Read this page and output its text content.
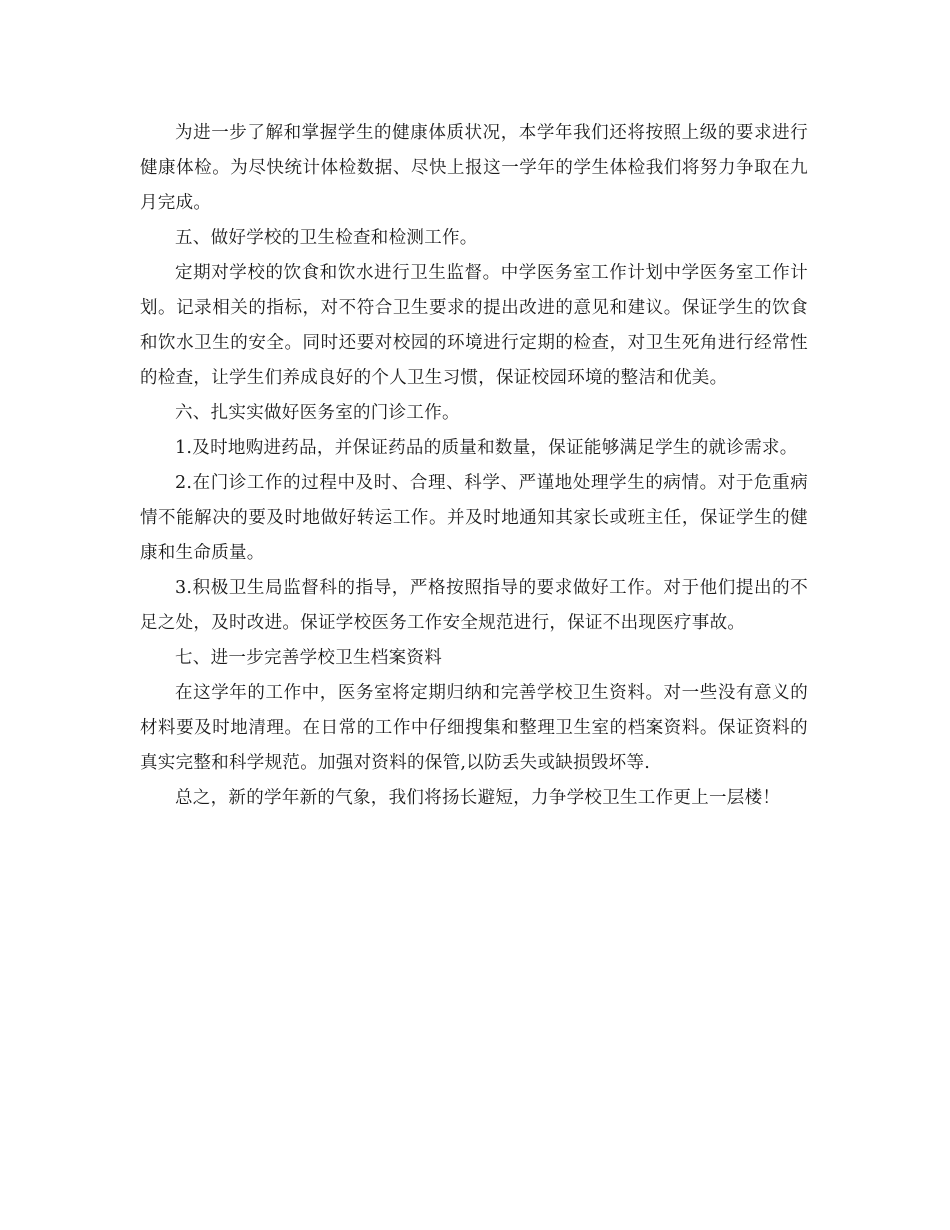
为进一步了解和掌握学生的健康体质状况，本学年我们还将按照上级的要求进行健康体检。为尽快统计体检数据、尽快上报这一学年的学生体检我们将努力争取在九月完成。

五、做好学校的卫生检查和检测工作。

定期对学校的饮食和饮水进行卫生监督。中学医务室工作计划中学医务室工作计划。记录相关的指标，对不符合卫生要求的提出改进的意见和建议。保证学生的饮食和饮水卫生的安全。同时还要对校园的环境进行定期的检查，对卫生死角进行经常性的检查，让学生们养成良好的个人卫生习惯，保证校园环境的整洁和优美。

六、扎实实做好医务室的门诊工作。

1.及时地购进药品，并保证药品的质量和数量，保证能够满足学生的就诊需求。

2.在门诊工作的过程中及时、合理、科学、严谨地处理学生的病情。对于危重病情不能解决的要及时地做好转运工作。并及时地通知其家长或班主任，保证学生的健康和生命质量。

3.积极卫生局监督科的指导，严格按照指导的要求做好工作。对于他们提出的不足之处，及时改进。保证学校医务工作安全规范进行，保证不出现医疗事故。

七、进一步完善学校卫生档案资料

在这学年的工作中，医务室将定期归纳和完善学校卫生资料。对一些没有意义的材料要及时地清理。在日常的工作中仔细搜集和整理卫生室的档案资料。保证资料的真实完整和科学规范。加强对资料的保管,以防丢失或缺损毁坏等.

总之，新的学年新的气象，我们将扬长避短，力争学校卫生工作更上一层楼！
